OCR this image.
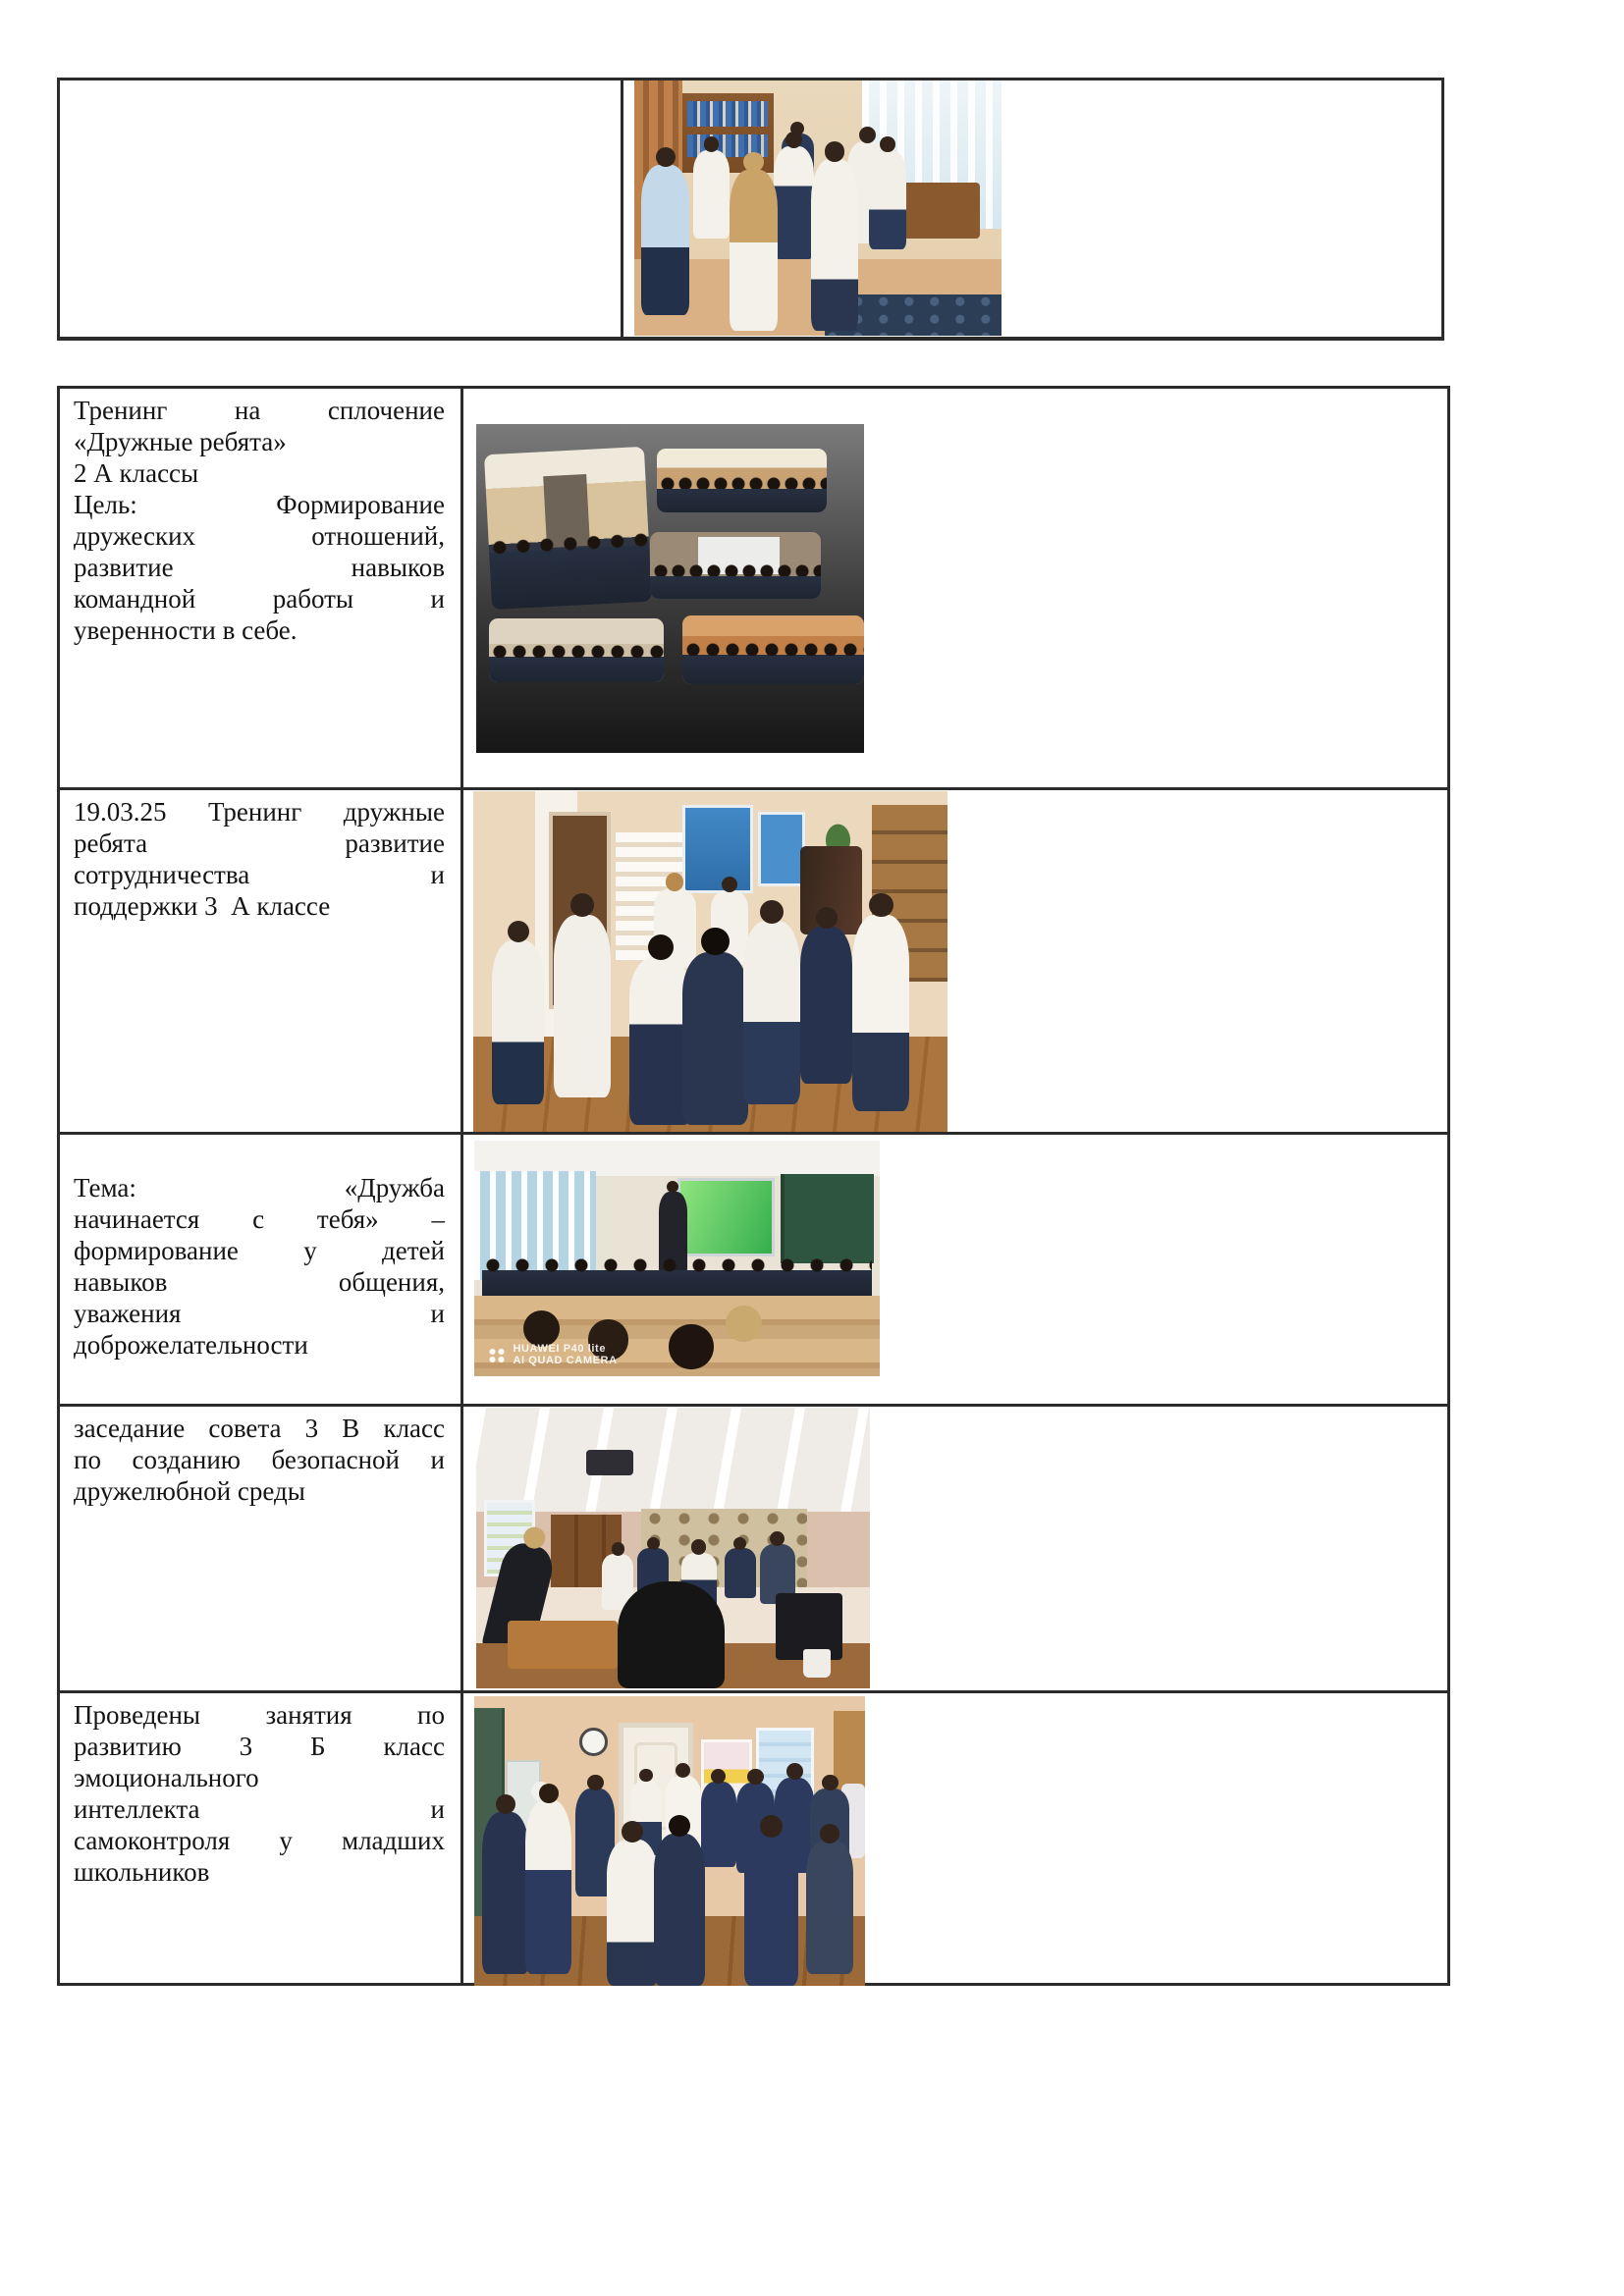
Тренинг на сплочение
«Дружные ребята»
2 А классы
Цель: Формирование
дружеских отношений,
развитие навыков
командной работы и
уверенности в себе.
19.03.25 Тренинг дружные
ребята развитие
сотрудничества и
поддержки 3  А классе
Тема: «Дружба
начинается с тебя» –
формирование у детей
навыков общения,
уважения и
доброжелательности	HUAWEI P40 lite
AI QUAD CAMERA
заседание совета 3 В класс
по созданию безопасной и
дружелюбной среды
Проведены занятия по
развитию 3 Б класс
эмоционального
интеллекта и
самоконтроля у младших
школьников
